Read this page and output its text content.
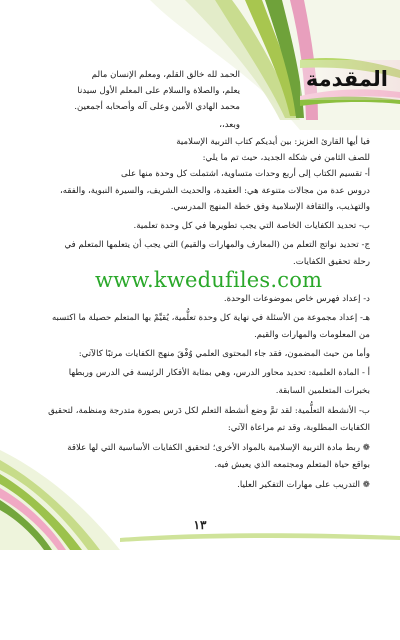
المقدمة
الحمد لله خالق القلم، ومعلم الإنسان مالم
يعلم، والصلاة والسلام على المعلم الأول سيدنا
محمد الهادي الأمين وعلى آله وأصحابه أجمعين.
وبعد،،
فيا أيها القارئ العزيز: بين أيديكم كتاب التربية الإسلامية
للصف الثامن في شكله الجديد، حيث تم ما يلي:
أ- تقسيم الكتاب إلى أربع وحدات متساوية، اشتملت كل وحدة منها على
دروس عدة من مجالات متنوعة هي: العقيدة، والحديث الشريف، والسيرة النبوية، والفقه،
والتهذيب، والثقافة الإسلامية وفق خطة المنهج المدرسي.
ب- تحديد الكفايات الخاصة التي يجب تطويرها في كل وحدة تعلمية.
ج- تحديد نواتج التعلم من (المعارف والمهارات والقيم) التي يجب أن يتعلمها المتعلم في
رحلة تحقيق الكفايات.
د- إعداد فهرس خاص بموضوعات الوحدة.
هـ- إعداد مجموعة من الأسئلة في نهاية كل وحدة تعلُّمية، يُقيِّمْ بها المتعلم حصيلة ما اكتسبه
من المعلومات والمهارات والقيم.
وأما من حيث المضمون، فقد جاء المحتوى العلمي وُفْقَ منهج الكفايات مرتبًا كالآتي:
أ - المادة العلمية: تحديد محاور الدرس، وهي بمثابة الأفكار الرئيسة في الدرس وربطها
بخبرات المتعلمين السابقة.
ب- الأنشطة التعلُّمية: لقد تمَّ وضع أنشطة التعلم لكل دَرس بصورة متدرجة ومنظمة، لتحقيق
الكفايات المطلوبة، وقد تم مراعاة الآتي:
❁ ربط مادة التربية الإسلامية بالمواد الأخرى؛ لتحقيق الكفايات الأساسية التي لها علاقة
بواقع حياة المتعلم ومجتمعه الذي يعيش فيه.
❁ التدريب على مهارات التفكير العليا.
www.kwedufiles.com
١٣
